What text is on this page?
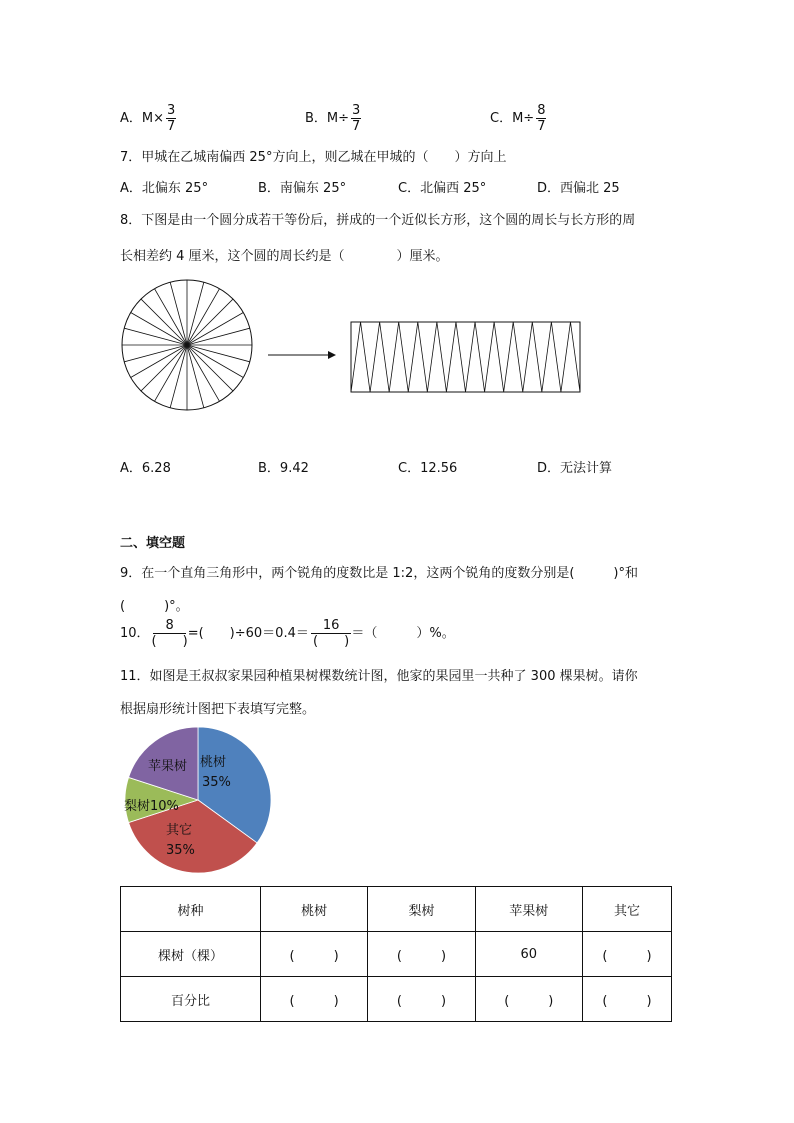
A．$M\times \frac{3}{7}$	B．$M\div \frac{3}{7}$	C．$M\div \frac{8}{7}$
7．甲城在乙城南偏西 25°方向上，则乙城在甲城的（　　）方向上
A．北偏东 25°	B．南偏东 25°	C．北偏西 25°	D．西偏北 25
8．下图是由一个圆分成若干等份后，拼成的一个近似长方形，这个圆的周长与长方形的周
长相差约 4 厘米，这个圆的周长约是（　　　　）厘米。
A．6.28	B．9.42	C．12.56	D．无法计算
二、填空题
9．在一个直角三角形中，两个锐角的度数比是 1:2，这两个锐角的度数分别是(　　　)°和
(　　　)°。
10． $\frac{8}{( )}$ =(　　)$\div 60=0.4= \frac{16}{( )}$ ＝（　　　）%。
11．如图是王叔叔家果园种植果树棵数统计图，他家的果园里一共种了 300 棵果树。请你
根据扇形统计图把下表填写完整。
桃树
35%
其它
35%
梨树10%
苹果树
树种	桃树	梨树	苹果树	其它
棵树（棵）	(　　　)	(　　　)	60	(　　　)
百分比	(　　　)	(　　　)	(　　　)	(　　　)
